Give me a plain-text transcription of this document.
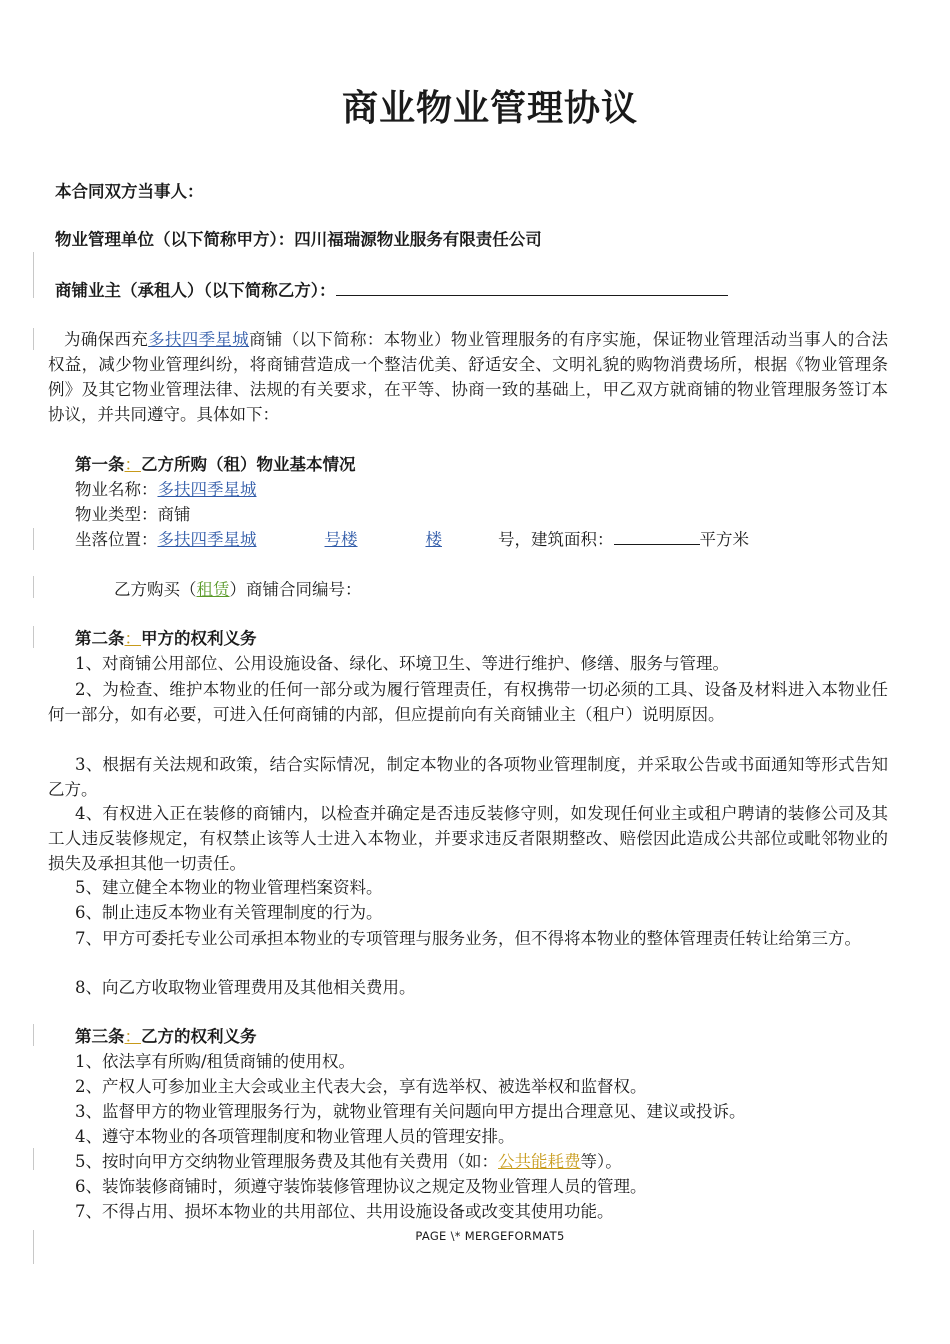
商业物业管理协议
本合同双方当事人：
物业管理单位（以下简称甲方）：四川福瑞源物业服务有限责任公司
商铺业主（承租人）（以下简称乙方）：
为确保西充多扶四季星城商铺（以下简称：本物业）物业管理服务的有序实施，保证物业管理活动当事人的合法权益，减少物业管理纠纷，将商铺营造成一个整洁优美、舒适安全、文明礼貌的购物消费场所，根据《物业管理条例》及其它物业管理法律、法规的有关要求，在平等、协商一致的基础上，甲乙双方就商铺的物业管理服务签订本协议，并共同遵守。具体如下：
第一条：乙方所购（租）物业基本情况
物业名称：多扶四季星城
物业类型：商铺
坐落位置：多扶四季星城	号楼	楼	号，建筑面积：	平方米
乙方购买（租赁）商铺合同编号：
第二条：甲方的权利义务
1、对商铺公用部位、公用设施设备、绿化、环境卫生、等进行维护、修缮、服务与管理。
2、为检查、维护本物业的任何一部分或为履行管理责任，有权携带一切必须的工具、设备及材料进入本物业任何一部分，如有必要，可进入任何商铺的内部，但应提前向有关商铺业主（租户）说明原因。
3、根据有关法规和政策，结合实际情况，制定本物业的各项物业管理制度，并采取公告或书面通知等形式告知乙方。
4、有权进入正在装修的商铺内，以检查并确定是否违反装修守则，如发现任何业主或租户聘请的装修公司及其工人违反装修规定，有权禁止该等人士进入本物业，并要求违反者限期整改、赔偿因此造成公共部位或毗邻物业的损失及承担其他一切责任。
5、建立健全本物业的物业管理档案资料。
6、制止违反本物业有关管理制度的行为。
7、甲方可委托专业公司承担本物业的专项管理与服务业务，但不得将本物业的整体管理责任转让给第三方。
8、向乙方收取物业管理费用及其他相关费用。
第三条：乙方的权利义务
1、依法享有所购/租赁商铺的使用权。
2、产权人可参加业主大会或业主代表大会，享有选举权、被选举权和监督权。
3、监督甲方的物业管理服务行为，就物业管理有关问题向甲方提出合理意见、建议或投诉。
4、遵守本物业的各项管理制度和物业管理人员的管理安排。
5、按时向甲方交纳物业管理服务费及其他有关费用（如：公共能耗费等）。
6、装饰装修商铺时，须遵守装饰装修管理协议之规定及物业管理人员的管理。
7、不得占用、损坏本物业的共用部位、共用设施设备或改变其使用功能。
PAGE \* MERGEFORMAT5
